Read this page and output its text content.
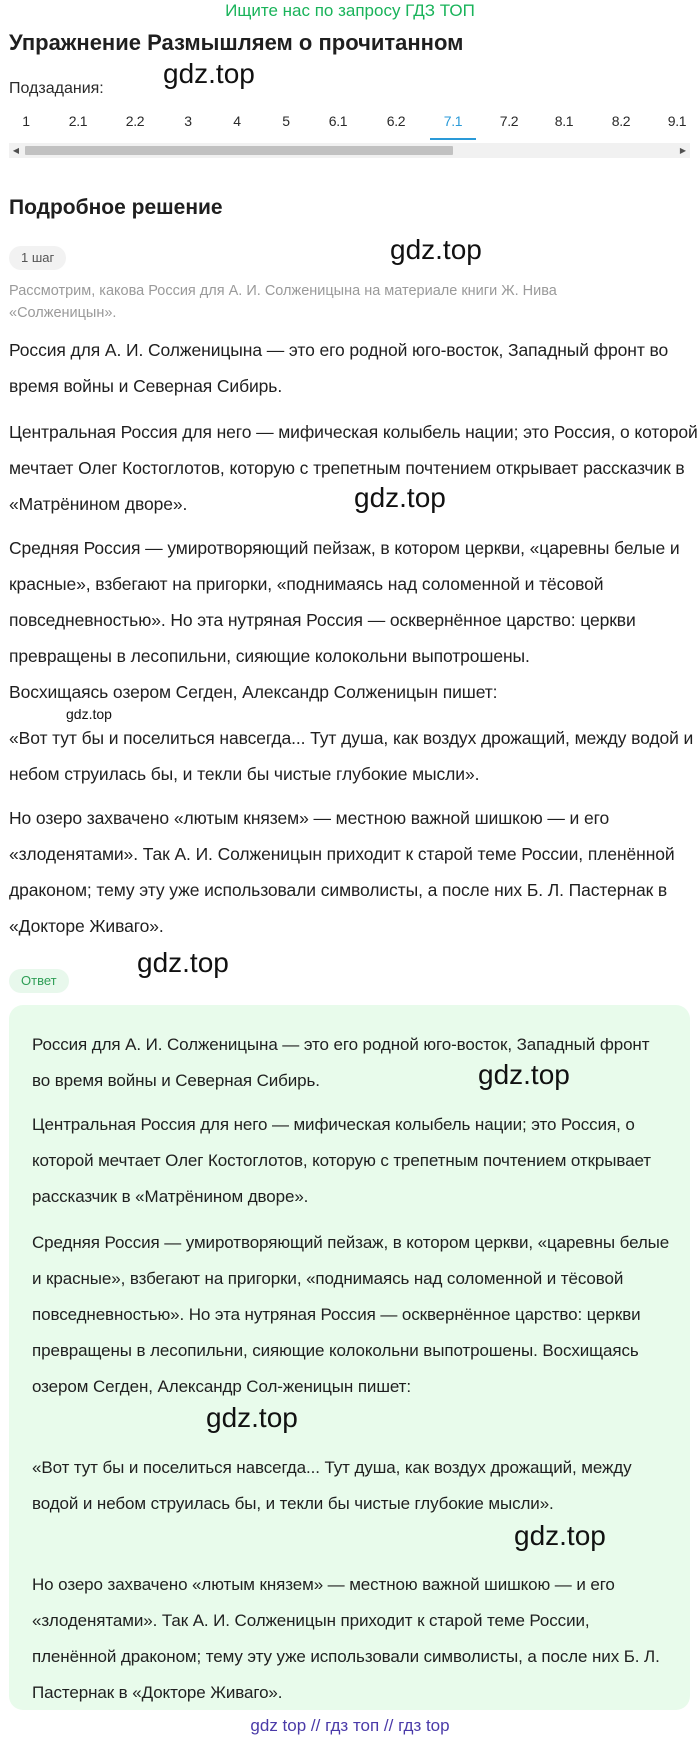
Ищите нас по запросу ГДЗ ТОП
Упражнение Размышляем о прочитанном
Подзадания: gdz.top
1	2.1	2.2	3	4	5	6.1	6.2	7.1	7.2	8.1	8.2	9.1
◀	▶
Подробное решение
1 шаг	gdz.top
Рассмотрим, какова Россия для А. И. Солженицына на материале книги Ж. Нива «Солженицын».

Россия для А. И. Солженицына — это его родной юго-восток, Западный фронт во время войны и Северная Сибирь.

Центральная Россия для него — мифическая колыбель нации; это Россия, о которой мечтает Олег Костоглотов, которую с трепетным почтением открывает рассказчик в «Матрёнином дворе».	gdz.top

Средняя Россия — умиротворяющий пейзаж, в котором церкви, «царевны белые и красные», взбегают на пригорки, «поднимаясь над соломенной и тёсовой повседневностью». Но эта нутряная Россия — осквернённое царство: церкви превращены в лесопильни, сияющие колокольни выпотрошены.

Восхищаясь озером Сегден, Александр Солженицын пишет:

gdz.top

«Вот тут бы и поселиться навсегда... Тут душа, как воздух дрожащий, между водой и небом струилась бы, и текли бы чистые глубокие мысли».

Но озеро захвачено «лютым князем» — местною важной шишкою — и его «злоденятами». Так А. И. Солженицын приходит к старой теме России, пленённой драконом; тему эту уже использовали символисты, а после них Б. Л. Пастернак в «Докторе Живаго».

Ответ
gdz.top

Россия для А. И. Солженицына — это его родной юго-восток, Западный фронт во время войны и Северная Сибирь.	gdz.top

Центральная Россия для него — мифическая колыбель нации; это Россия, о которой мечтает Олег Костоглотов, которую с трепетным почтением открывает рассказчик в «Матрёнином дворе».

Средняя Россия — умиротворяющий пейзаж, в котором церкви, «царевны белые и красные», взбегают на пригорки, «поднимаясь над соломенной и тёсовой повседневностью». Но эта нутряная Россия — осквернённое царство: церкви превращены в лесопильни, сияющие колокольни выпотрошены. Восхищаясь озером Сегден, Александр Сол-женицын пишет:

gdz.top

«Вот тут бы и поселиться навсегда... Тут душа, как воздух дрожащий, между водой и небом струилась бы, и текли бы чистые глубокие мысли».

gdz.top

Но озеро захвачено «лютым князем» — местною важной шишкою — и его «злоденятами». Так А. И. Солженицын приходит к старой теме России, пленённой драконом; тему эту уже использовали символисты, а после них Б. Л. Пастернак в «Докторе Живаго».

gdz top // гдз топ // гдз top
